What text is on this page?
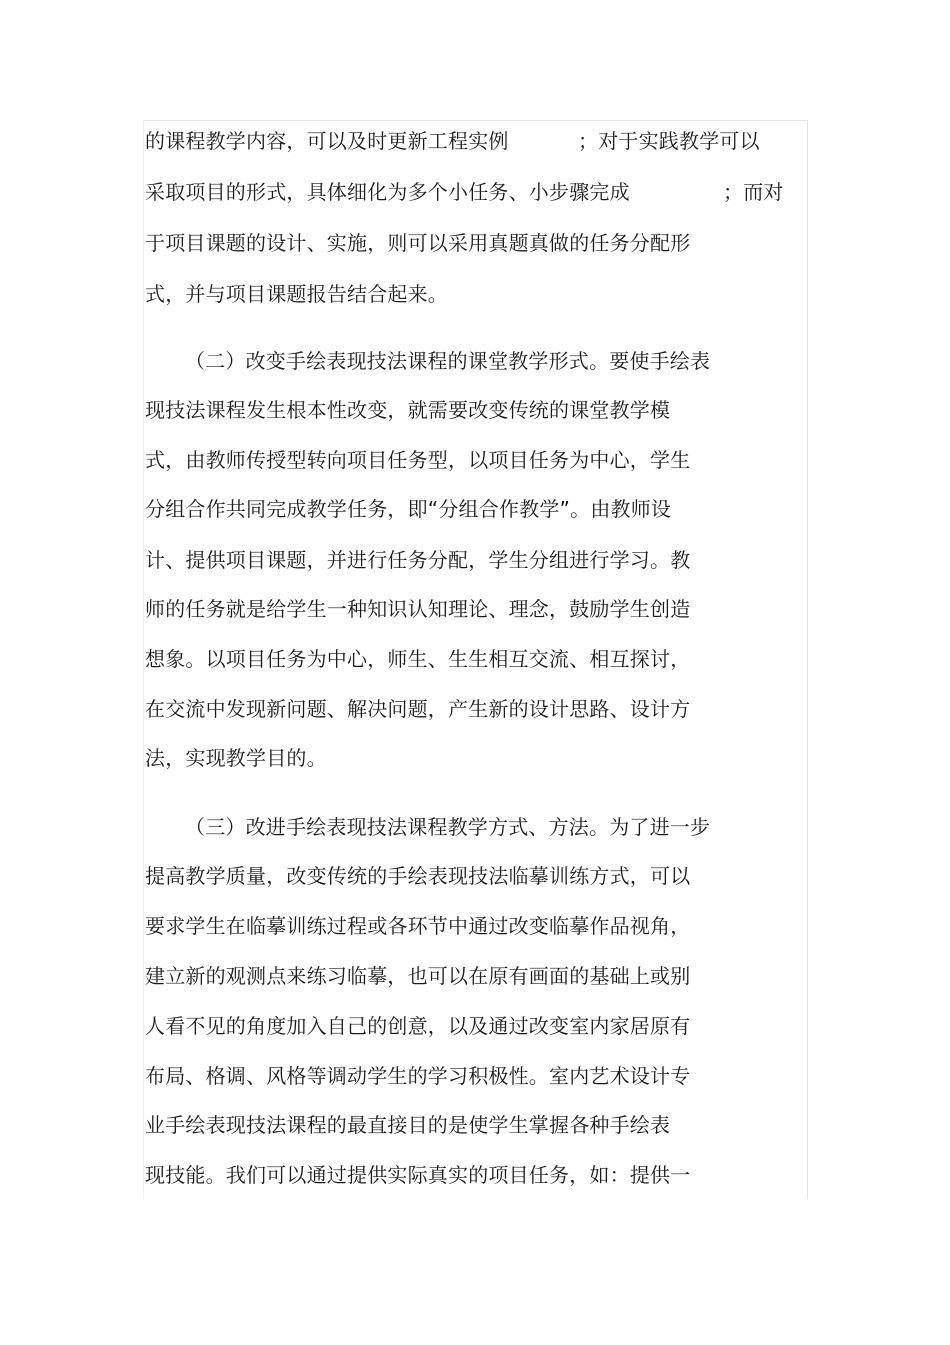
的课程教学内容，可以及时更新工程实例

	；对于实践教学可以

采取项目的形式，具体细化为多个小任务、小步骤完成

	；而对

于项目课题的设计、实施，则可以采用真题真做的任务分配形
式，并与项目课题报告结合起来。
（二）改变手绘表现技法课程的课堂教学形式。要使手绘表
现技法课程发生根本性改变，就需要改变传统的课堂教学模
式，由教师传授型转向项目任务型，以项目任务为中心，学生
分组合作共同完成教学任务，即“分组合作教学”。由教师设
计、提供项目课题，并进行任务分配，学生分组进行学习。教
师的任务就是给学生一种知识认知理论、理念，鼓励学生创造
想象。以项目任务为中心，师生、生生相互交流、相互探讨，
在交流中发现新问题、解决问题，产生新的设计思路、设计方
法，实现教学目的。
（三）改进手绘表现技法课程教学方式、方法。为了进一步
提高教学质量，改变传统的手绘表现技法临摹训练方式，可以
要求学生在临摹训练过程或各环节中通过改变临摹作品视角，
建立新的观测点来练习临摹，也可以在原有画面的基础上或别
人看不见的角度加入自己的创意，以及通过改变室内家居原有
布局、格调、风格等调动学生的学习积极性。室内艺术设计专
业手绘表现技法课程的最直接目的是使学生掌握各种手绘表
现技能。我们可以通过提供实际真实的项目任务，如：提供一
